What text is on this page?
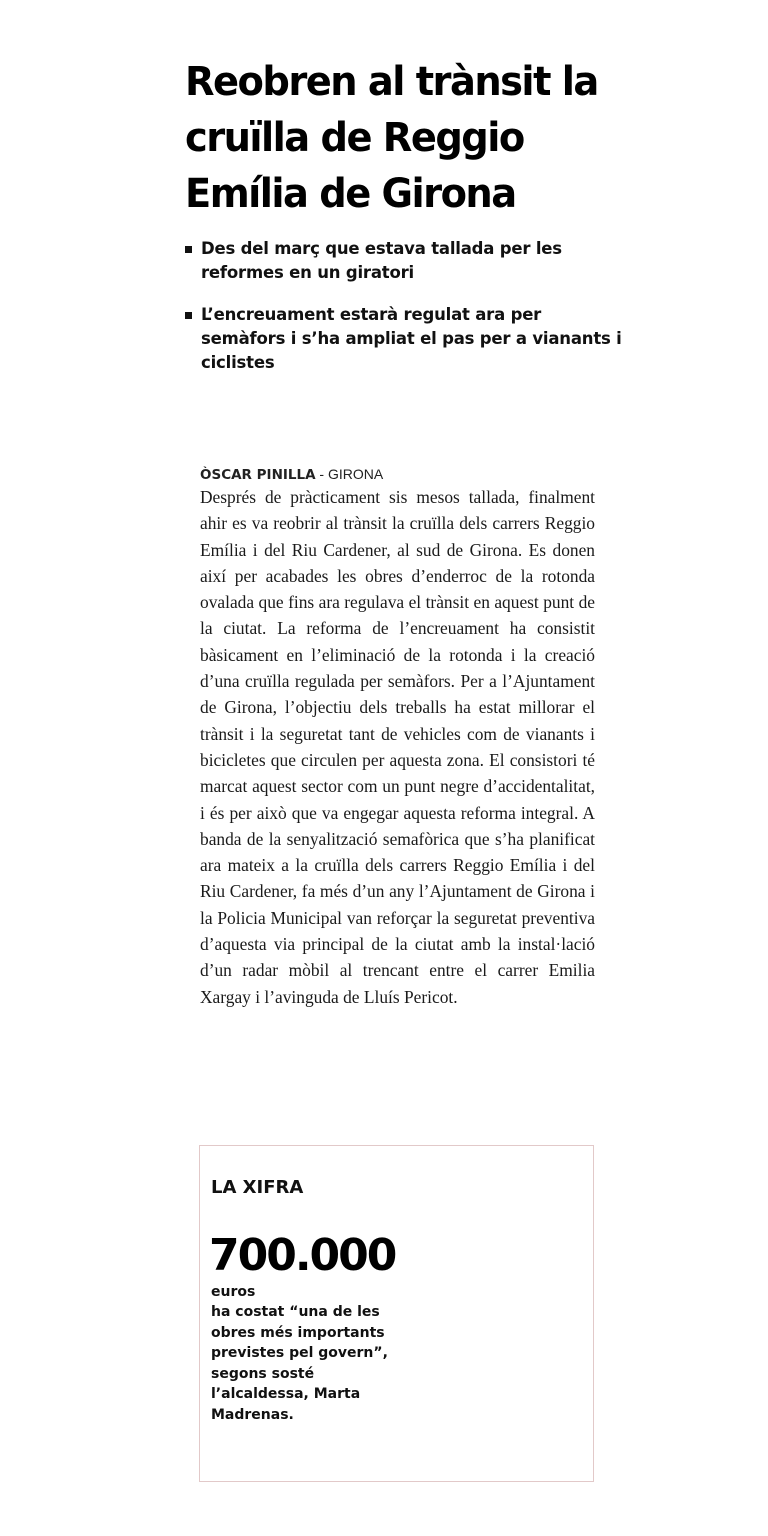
Reobren al trànsit la cruïlla de Reggio Emília de Girona
Des del març que estava tallada per les reformes en un giratori
L’encreuament estarà regulat ara per semàfors i s’ha ampliat el pas per a vianants i ciclistes
ÒSCAR PINILLA - GIRONA

Després de pràcticament sis mesos tallada, finalment ahir es va reobrir al trànsit la cruïlla dels carrers Reggio Emília i del Riu Cardener, al sud de Girona. Es donen així per acabades les obres d’enderroc de la rotonda ovalada que fins ara regulava el trànsit en aquest punt de la ciutat. La reforma de l’encreuament ha consistit bàsicament en l’eliminació de la rotonda i la creació d’una cruïlla regulada per semàfors. Per a l’Ajuntament de Girona, l’objectiu dels treballs ha estat millorar el trànsit i la seguretat tant de vehicles com de vianants i bicicletes que circulen per aquesta zona. El consistori té marcat aquest sector com un punt negre d’accidentalitat, i és per això que va engegar aquesta reforma integral. A banda de la senyalització semafòrica que s’ha planificat ara mateix a la cruïlla dels carrers Reggio Emília i del Riu Cardener, fa més d’un any l’Ajuntament de Girona i la Policia Municipal van reforçar la seguretat preventiva d’aquesta via principal de la ciutat amb la instal·lació d’un radar mòbil al trencant entre el carrer Emilia Xargay i l’avinguda de Lluís Pericot.

LA XIFRA
700.000
euros
ha costat “una de les obres més importants previstes pel govern”, segons sosté l’alcaldessa, Marta Madrenas.
